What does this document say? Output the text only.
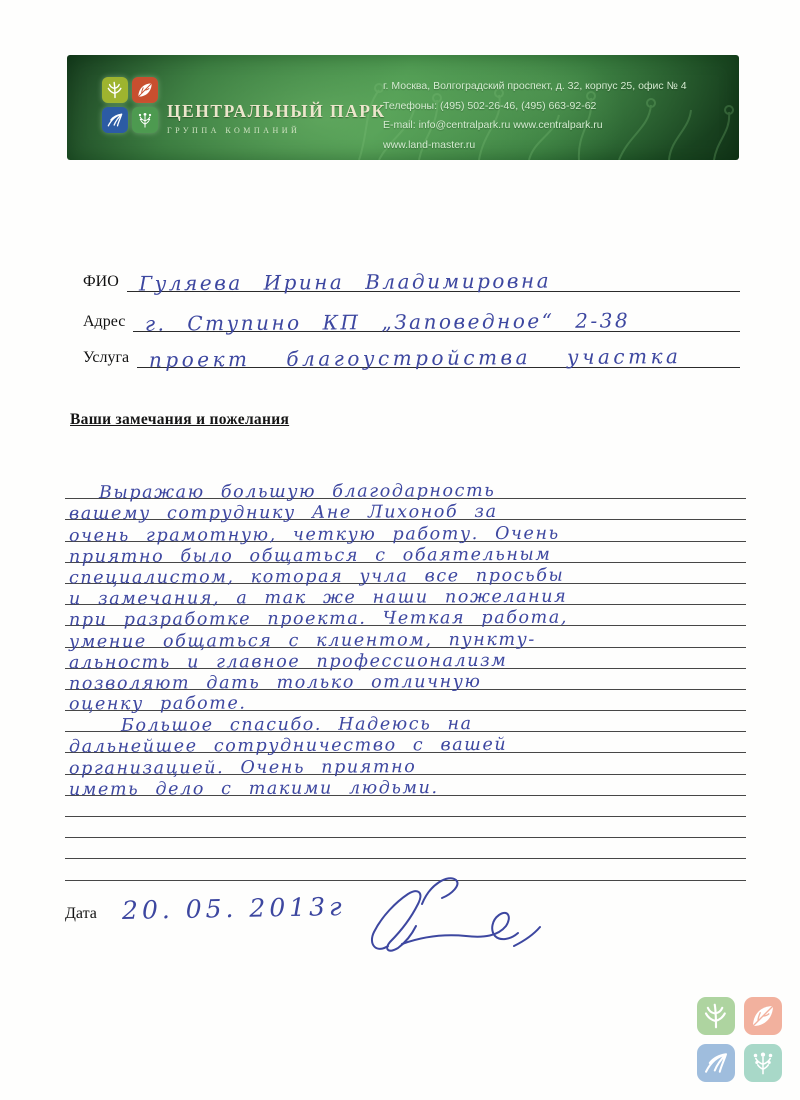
ЦЕНТРАЛЬНЫЙ ПАРК
ГРУППА КОМПАНИЙ
г. Москва, Волгоградский проспект, д. 32, корпус 25, офис № 4
Телефоны: (495) 502-26-46, (495) 663-92-62
E-mail: info@centralpark.ru www.centralpark.ru
www.land-master.ru
ФИО Гуляева Ирина Владимировна
Адрес г. Ступино КП „Заповедное“ 2-38
Услуга проект благоустройства участка
Ваши замечания и пожелания
Выражаю большую благодарность
вашему сотруднику Ане Лихоноб за
очень грамотную, четкую работу. Очень
приятно было общаться с обаятельным
специалистом, которая учла все просьбы
и замечания, а так же наши пожелания
при разработке проекта. Четкая работа,
умение общаться с клиентом, пункту-
альность и главное профессионализм
позволяют дать только отличную
оценку работе.
Большое спасибо. Надеюсь на
дальнейшее сотрудничество с вашей
организацией. Очень приятно
иметь дело с такими людьми.
Дата 20. 05. 2013г
